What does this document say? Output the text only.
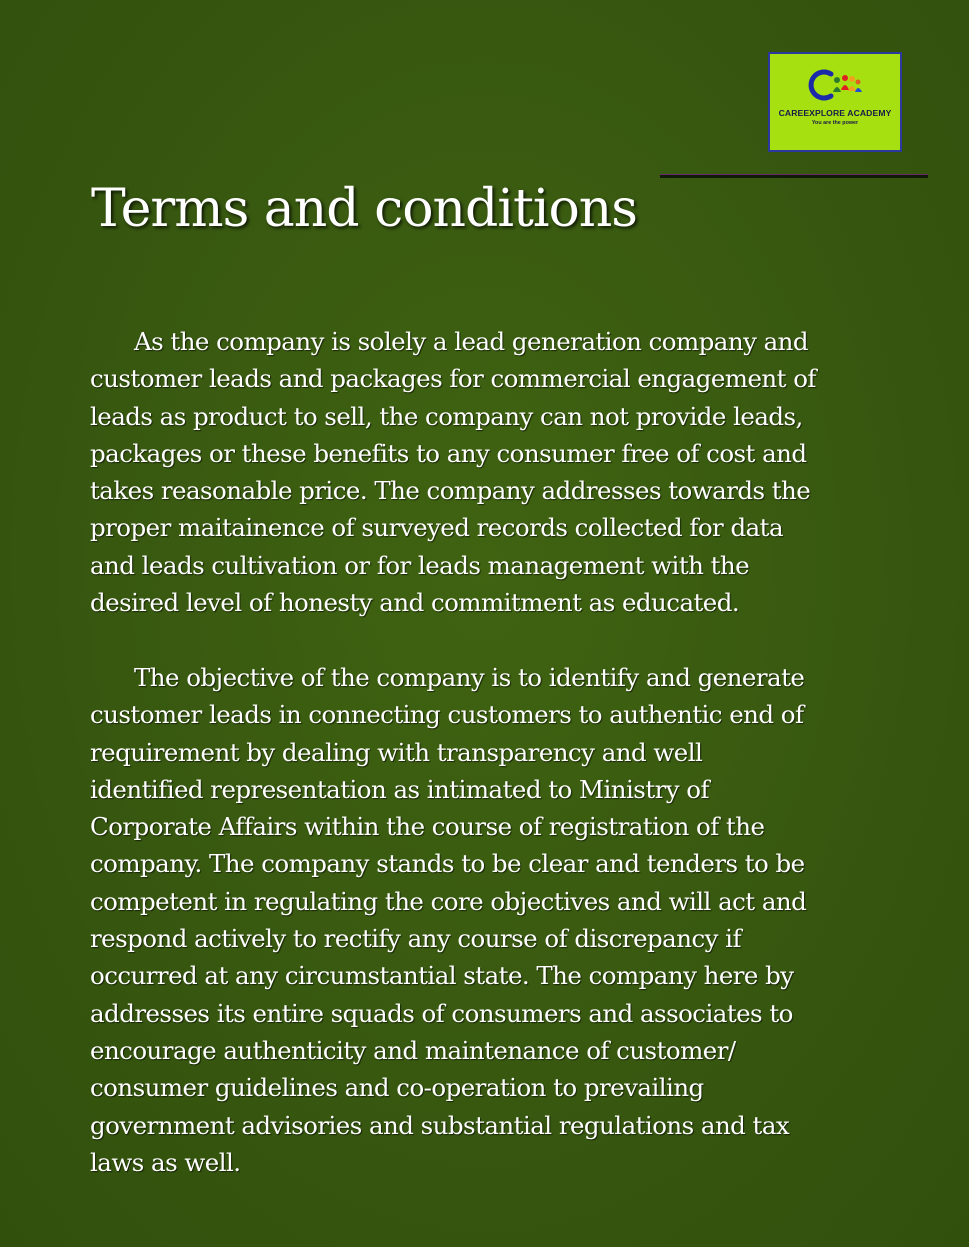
CAREEXPLORE ACADEMY
You are the power
Terms and conditions

As the company is solely a lead generation company and
customer leads and packages for commercial engagement of
leads as product to sell, the company can not provide leads,
packages or these benefits to any consumer free of cost and
takes reasonable price. The company addresses towards the
proper maitainence of surveyed records collected for data
and leads cultivation or for leads management with the
desired level of honesty and commitment as educated.

The objective of the company is to identify and generate
customer leads in connecting customers to authentic end of
requirement by dealing with transparency and well
identified representation as intimated to Ministry of
Corporate Affairs within the course of registration of the
company. The company stands to be clear and tenders to be
competent in regulating the core objectives and will act and
respond actively to rectify any course of discrepancy if
occurred at any circumstantial state. The company here by
addresses its entire squads of consumers and associates to
encourage authenticity and maintenance of customer/
consumer guidelines and co-operation to prevailing
government advisories and substantial regulations and tax
laws as well.
